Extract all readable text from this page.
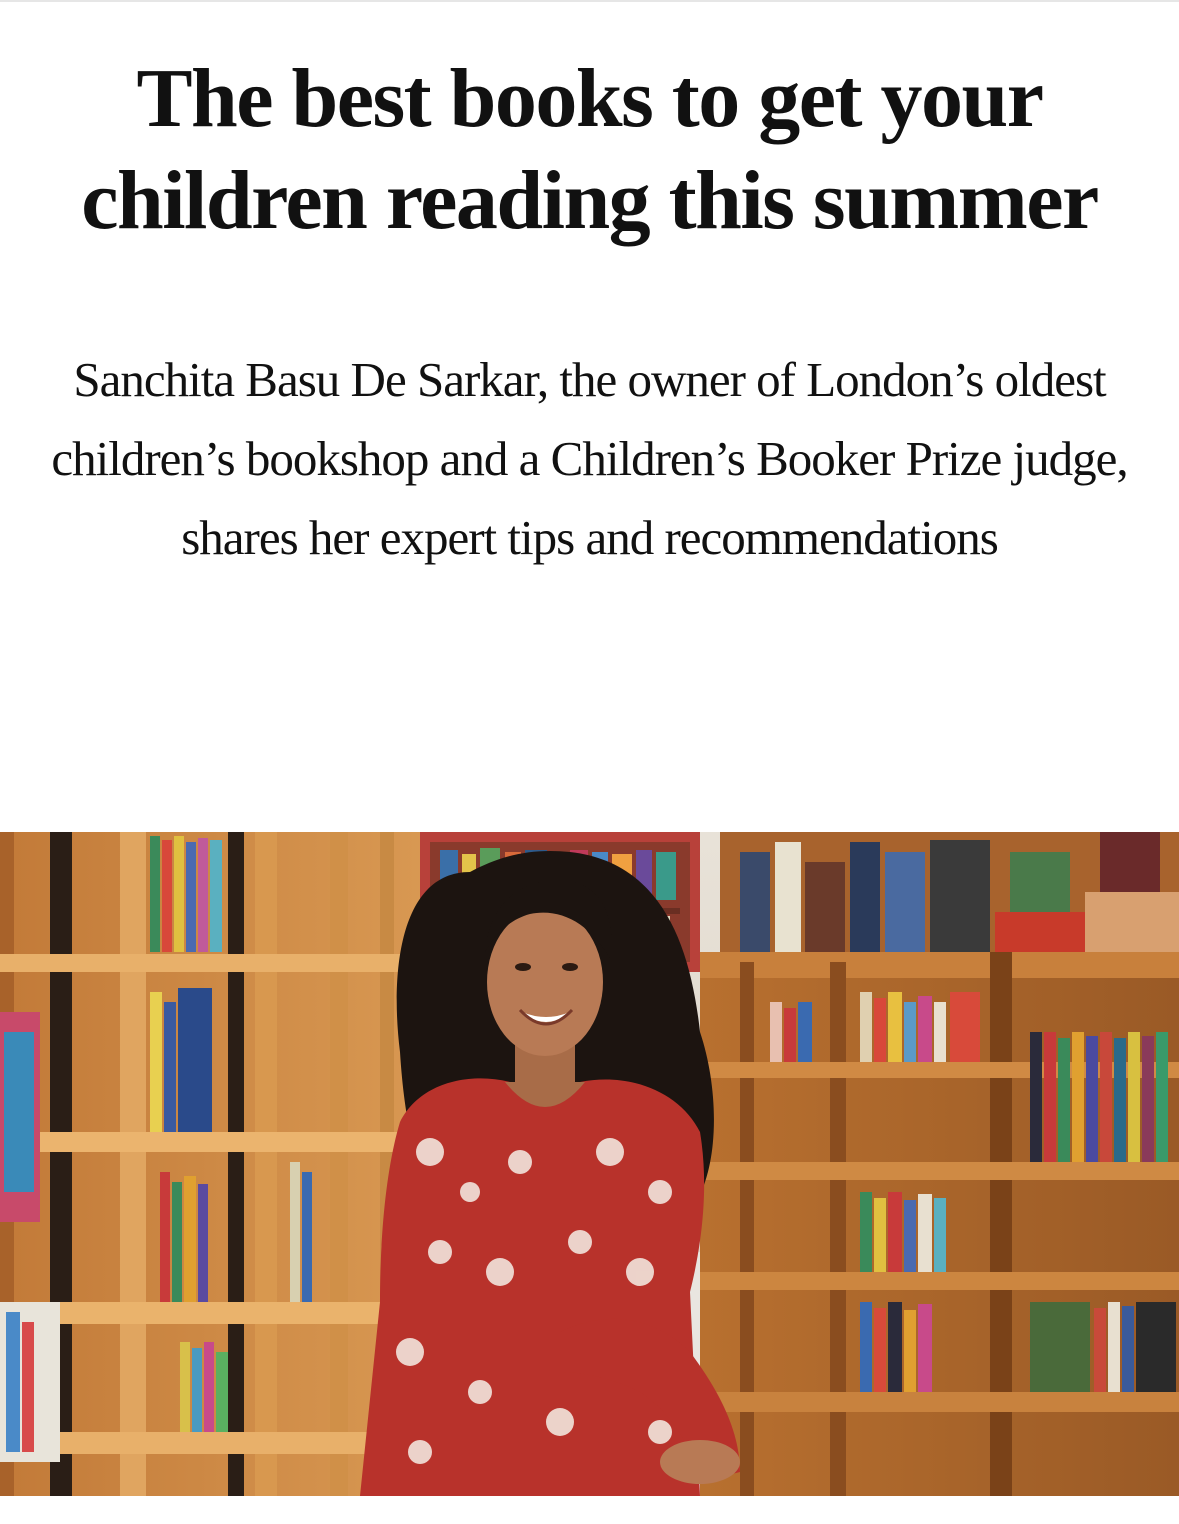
The best books to get your children reading this summer

Sanchita Basu De Sarkar, the owner of London’s oldest children’s bookshop and a Children’s Booker Prize judge, shares her expert tips and recommendations
